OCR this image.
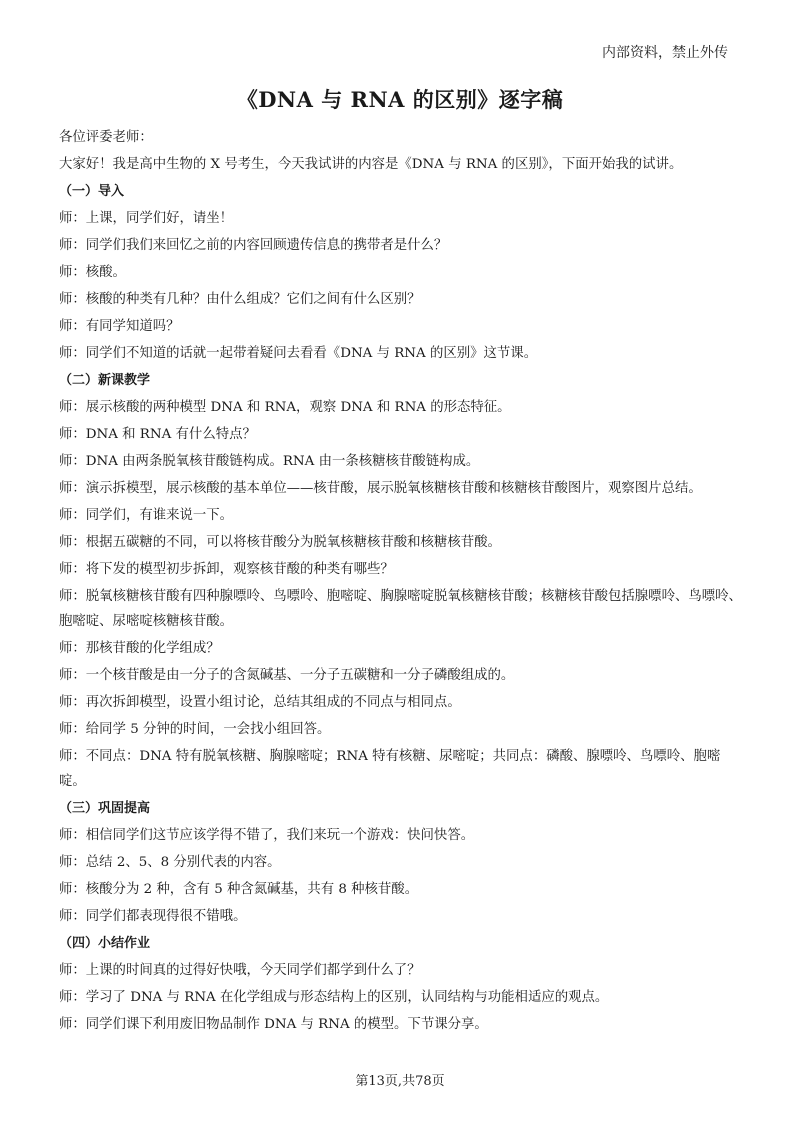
内部资料，禁止外传
《DNA 与 RNA 的区别》逐字稿
各位评委老师：
大家好！我是高中生物的 X 号考生，今天我试讲的内容是《DNA 与 RNA 的区别》，下面开始我的试讲。
（一）导入
师：上课，同学们好，请坐！
师：同学们我们来回忆之前的内容回顾遗传信息的携带者是什么？
师：核酸。
师：核酸的种类有几种？由什么组成？它们之间有什么区别？
师：有同学知道吗？
师：同学们不知道的话就一起带着疑问去看看《DNA 与 RNA 的区别》这节课。
（二）新课教学
师：展示核酸的两种模型 DNA 和 RNA，观察 DNA 和 RNA 的形态特征。
师：DNA 和 RNA 有什么特点？
师：DNA 由两条脱氧核苷酸链构成。RNA 由一条核糖核苷酸链构成。
师：演示拆模型，展示核酸的基本单位——核苷酸，展示脱氧核糖核苷酸和核糖核苷酸图片，观察图片总结。
师：同学们，有谁来说一下。
师：根据五碳糖的不同，可以将核苷酸分为脱氧核糖核苷酸和核糖核苷酸。
师：将下发的模型初步拆卸，观察核苷酸的种类有哪些？
师：脱氧核糖核苷酸有四种腺嘌呤、鸟嘌呤、胞嘧啶、胸腺嘧啶脱氧核糖核苷酸；核糖核苷酸包括腺嘌呤、鸟嘌呤、胞嘧啶、尿嘧啶核糖核苷酸。
师：那核苷酸的化学组成？
师：一个核苷酸是由一分子的含氮碱基、一分子五碳糖和一分子磷酸组成的。
师：再次拆卸模型，设置小组讨论，总结其组成的不同点与相同点。
师：给同学 5 分钟的时间，一会找小组回答。
师：不同点：DNA 特有脱氧核糖、胸腺嘧啶；RNA 特有核糖、尿嘧啶；共同点：磷酸、腺嘌呤、鸟嘌呤、胞嘧啶。
（三）巩固提高
师：相信同学们这节应该学得不错了，我们来玩一个游戏：快问快答。
师：总结 2、5、8 分别代表的内容。
师：核酸分为 2 种，含有 5 种含氮碱基，共有 8 种核苷酸。
师：同学们都表现得很不错哦。
（四）小结作业
师：上课的时间真的过得好快哦，今天同学们都学到什么了？
师：学习了 DNA 与 RNA 在化学组成与形态结构上的区别，认同结构与功能相适应的观点。
师：同学们课下利用废旧物品制作 DNA 与 RNA 的模型。下节课分享。
第13页,共78页
